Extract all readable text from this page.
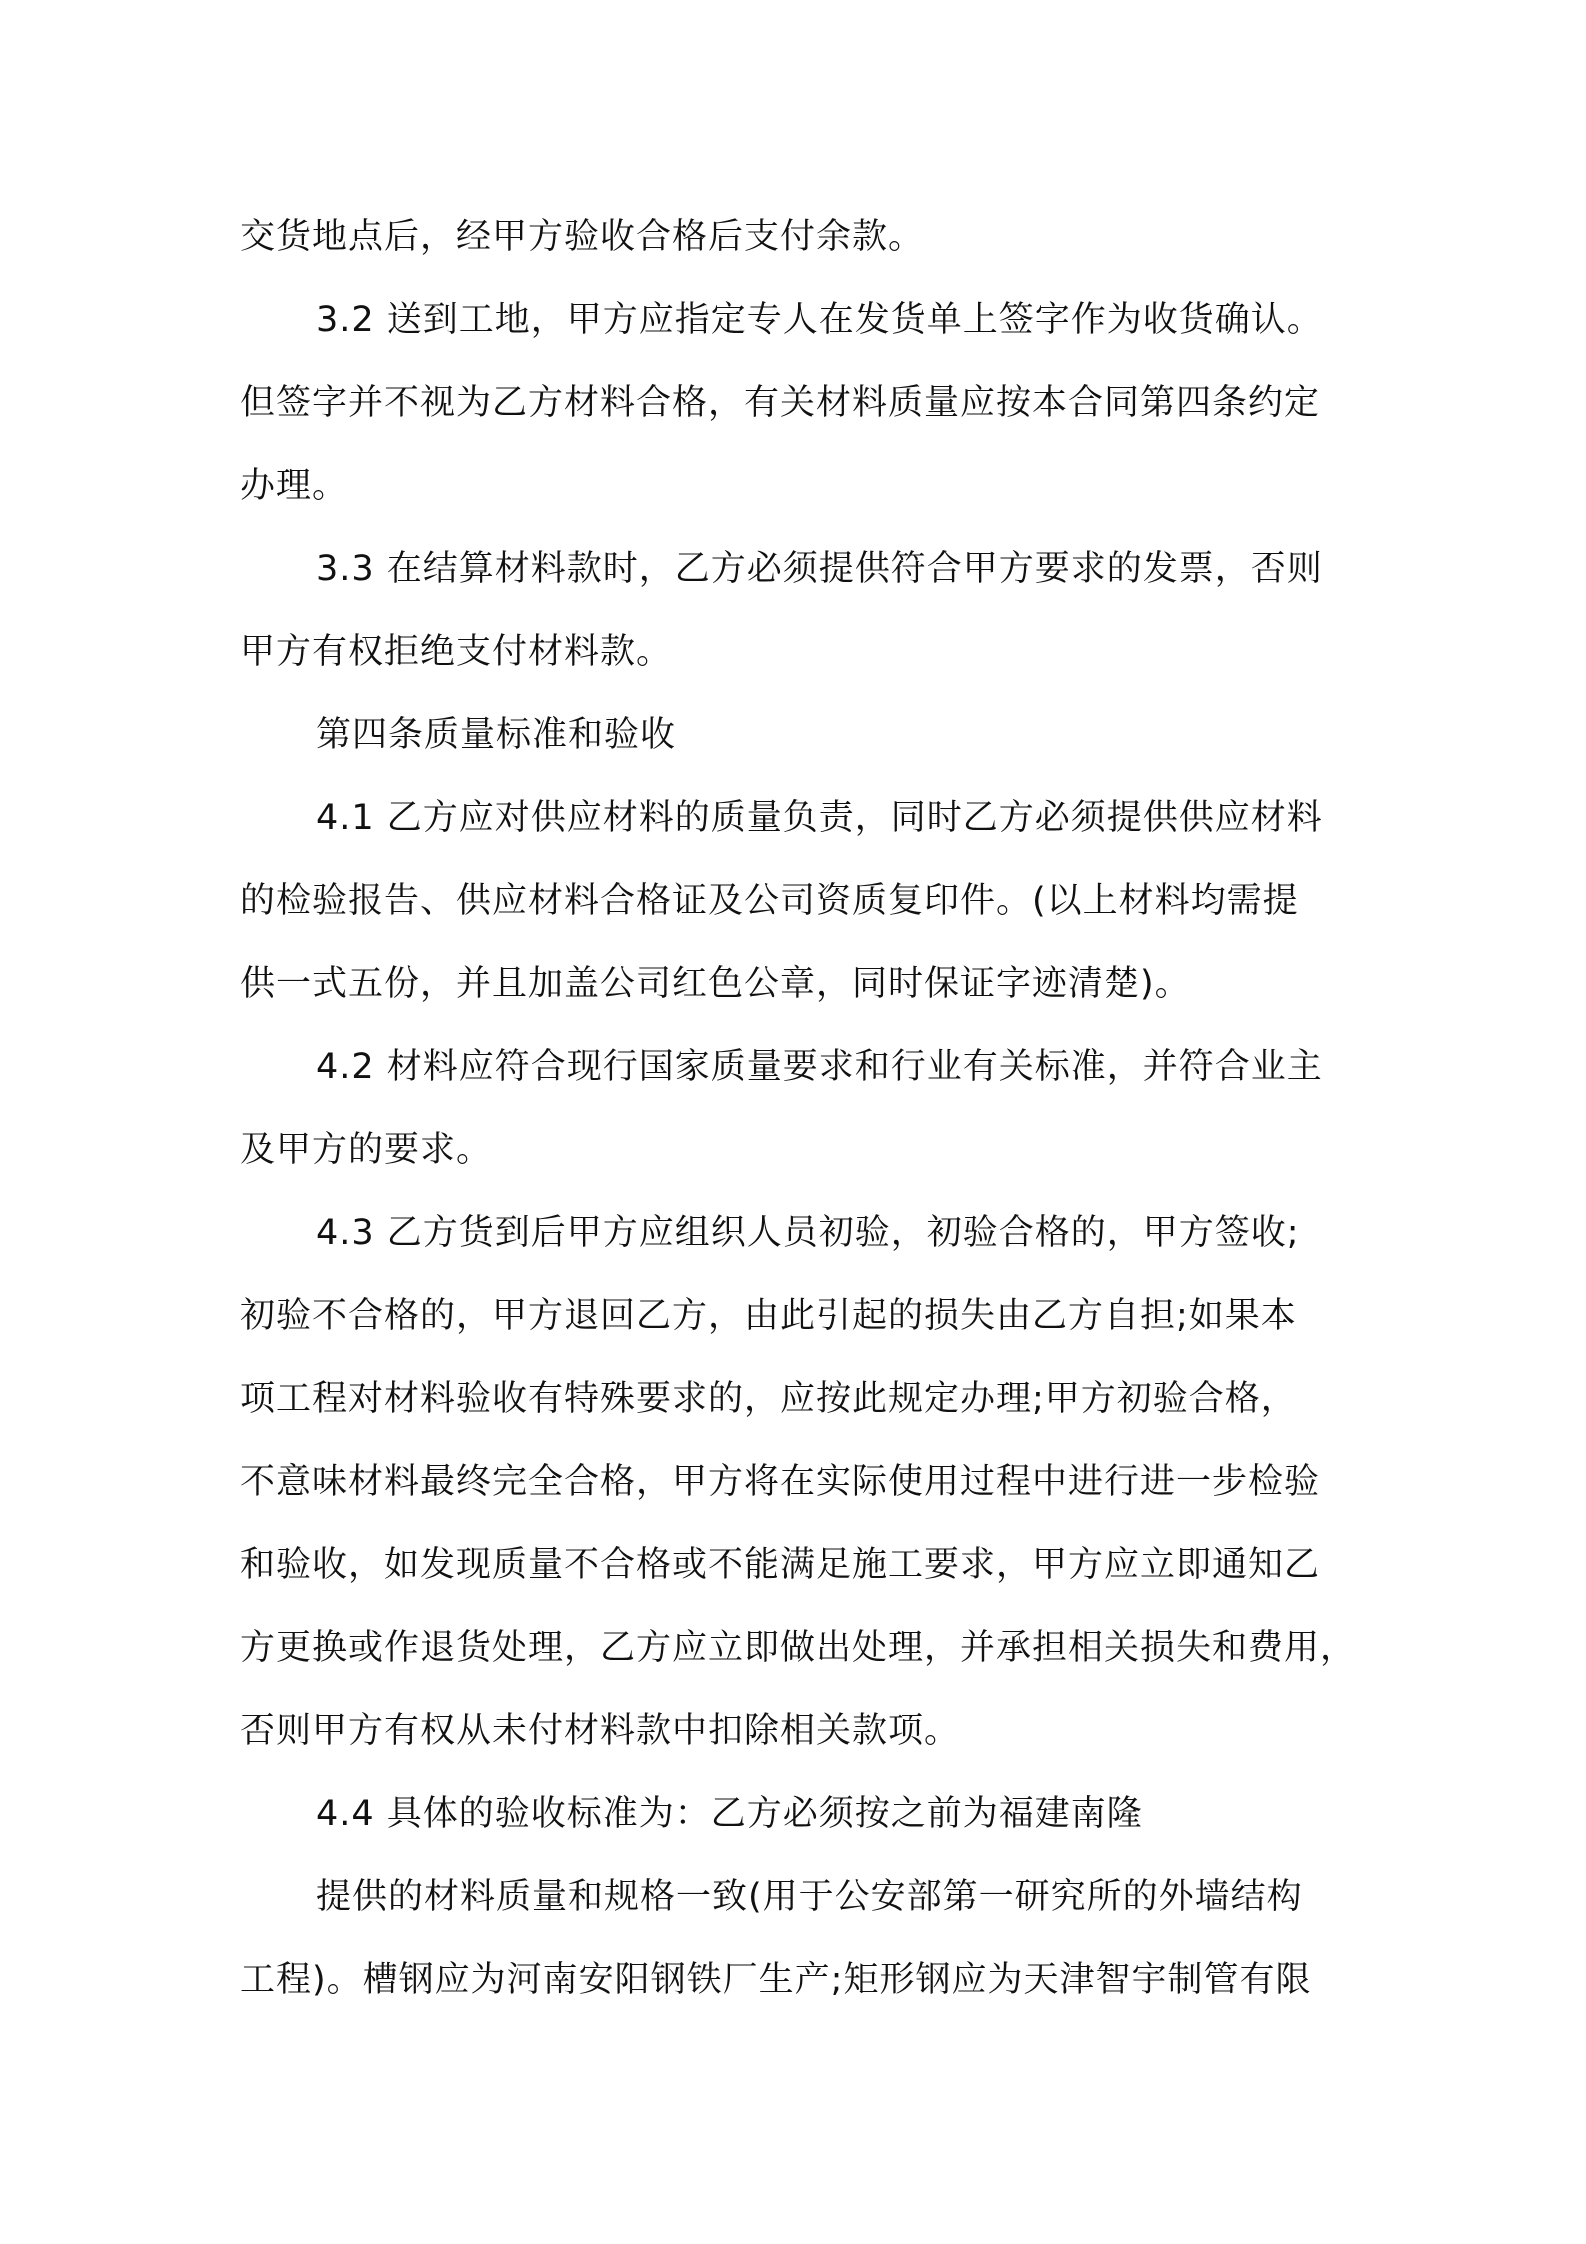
交货地点后，经甲方验收合格后支付余款。
3.2 送到工地，甲方应指定专人在发货单上签字作为收货确认。
但签字并不视为乙方材料合格，有关材料质量应按本合同第四条约定
办理。
3.3 在结算材料款时，乙方必须提供符合甲方要求的发票，否则
甲方有权拒绝支付材料款。
第四条质量标准和验收
4.1 乙方应对供应材料的质量负责，同时乙方必须提供供应材料
的检验报告、供应材料合格证及公司资质复印件。(以上材料均需提
供一式五份，并且加盖公司红色公章，同时保证字迹清楚)。
4.2 材料应符合现行国家质量要求和行业有关标准，并符合业主
及甲方的要求。
4.3 乙方货到后甲方应组织人员初验，初验合格的，甲方签收;
初验不合格的，甲方退回乙方，由此引起的损失由乙方自担;如果本
项工程对材料验收有特殊要求的，应按此规定办理;甲方初验合格，
不意味材料最终完全合格，甲方将在实际使用过程中进行进一步检验
和验收，如发现质量不合格或不能满足施工要求，甲方应立即通知乙
方更换或作退货处理，乙方应立即做出处理，并承担相关损失和费用，
否则甲方有权从未付材料款中扣除相关款项。
4.4 具体的验收标准为：乙方必须按之前为福建南隆
提供的材料质量和规格一致(用于公安部第一研究所的外墙结构
工程)。槽钢应为河南安阳钢铁厂生产;矩形钢应为天津智宇制管有限
